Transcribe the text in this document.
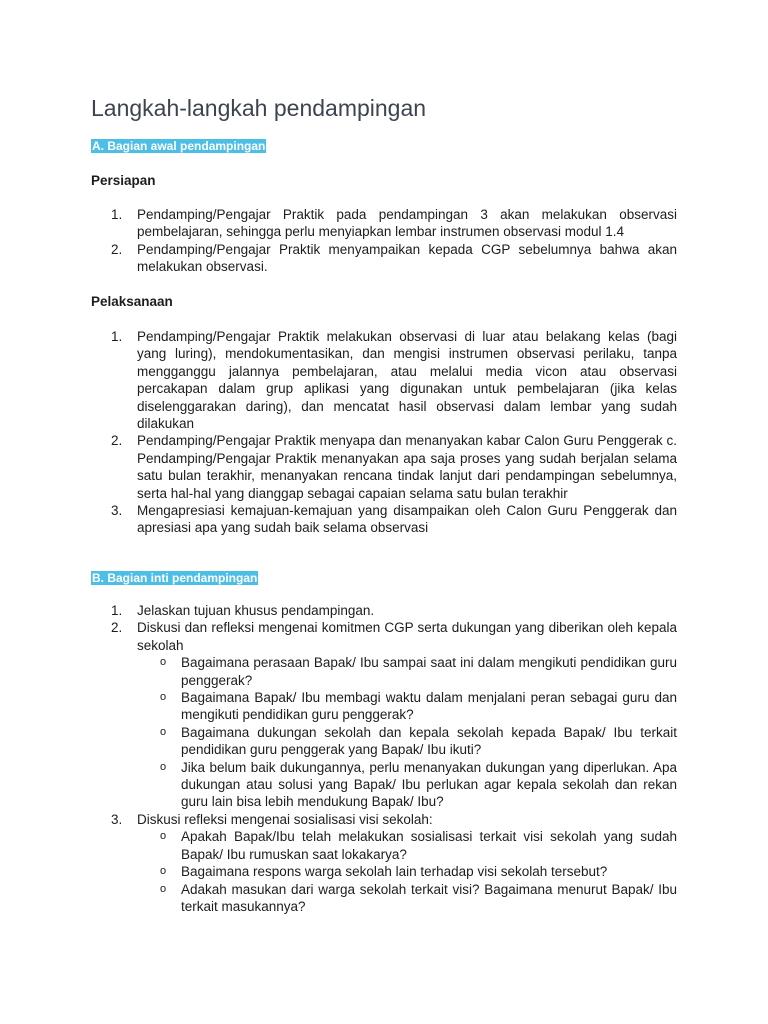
Langkah-langkah pendampingan
A. Bagian awal pendampingan
Persiapan
1. Pendamping/Pengajar Praktik pada pendampingan 3 akan melakukan observasi pembelajaran, sehingga perlu menyiapkan lembar instrumen observasi modul 1.4
2. Pendamping/Pengajar Praktik menyampaikan kepada CGP sebelumnya bahwa akan melakukan observasi.
Pelaksanaan
1. Pendamping/Pengajar Praktik melakukan observasi di luar atau belakang kelas (bagi yang luring), mendokumentasikan, dan mengisi instrumen observasi perilaku, tanpa mengganggu jalannya pembelajaran, atau melalui media vicon atau observasi percakapan dalam grup aplikasi yang digunakan untuk pembelajaran (jika kelas diselenggarakan daring), dan mencatat hasil observasi dalam lembar yang sudah dilakukan
2. Pendamping/Pengajar Praktik menyapa dan menanyakan kabar Calon Guru Penggerak c. Pendamping/Pengajar Praktik menanyakan apa saja proses yang sudah berjalan selama satu bulan terakhir, menanyakan rencana tindak lanjut dari pendampingan sebelumnya, serta hal-hal yang dianggap sebagai capaian selama satu bulan terakhir
3. Mengapresiasi kemajuan-kemajuan yang disampaikan oleh Calon Guru Penggerak dan apresiasi apa yang sudah baik selama observasi
B. Bagian inti pendampingan
1. Jelaskan tujuan khusus pendampingan.
2. Diskusi dan refleksi mengenai komitmen CGP serta dukungan yang diberikan oleh kepala sekolah
o Bagaimana perasaan Bapak/ Ibu sampai saat ini dalam mengikuti pendidikan guru penggerak?
o Bagaimana Bapak/ Ibu membagi waktu dalam menjalani peran sebagai guru dan mengikuti pendidikan guru penggerak?
o Bagaimana dukungan sekolah dan kepala sekolah kepada Bapak/ Ibu terkait pendidikan guru penggerak yang Bapak/ Ibu ikuti?
o Jika belum baik dukungannya, perlu menanyakan dukungan yang diperlukan. Apa dukungan atau solusi yang Bapak/ Ibu perlukan agar kepala sekolah dan rekan guru lain bisa lebih mendukung Bapak/ Ibu?
3. Diskusi refleksi mengenai sosialisasi visi sekolah:
o Apakah Bapak/Ibu telah melakukan sosialisasi terkait visi sekolah yang sudah Bapak/ Ibu rumuskan saat lokakarya?
o Bagaimana respons warga sekolah lain terhadap visi sekolah tersebut?
o Adakah masukan dari warga sekolah terkait visi? Bagaimana menurut Bapak/ Ibu terkait masukannya?
